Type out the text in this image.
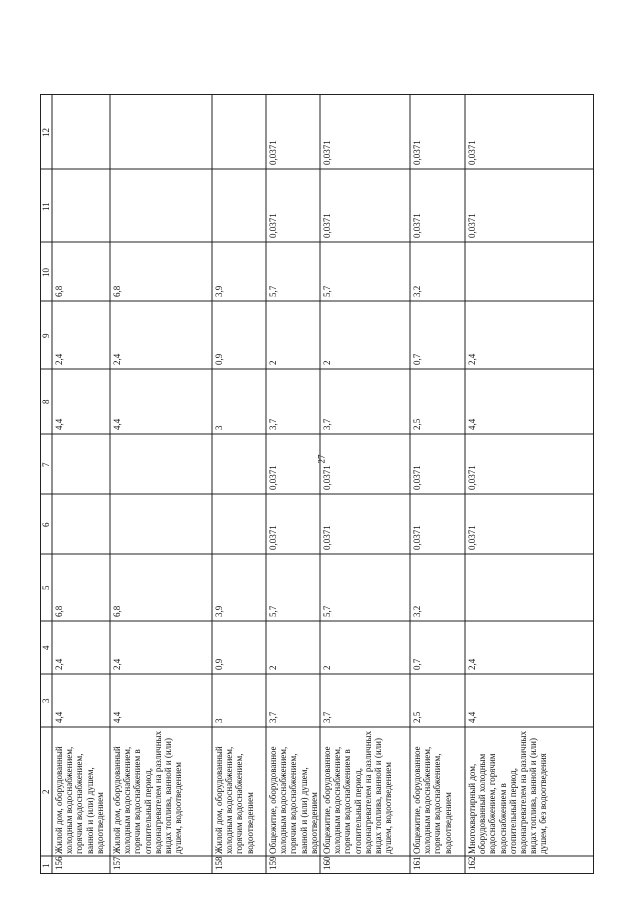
27
1
2
3
4
5
6
7
8
9
10
11
12
156
Жилой дом, оборудованный холодным водоснабжением, горячим водоснабжением, ванной и (или) душем, водоотведением
4,4
2,4
6,8
4,4
2,4
6,8
157
Жилой дом, оборудованный холодным водоснабжением, горячим водоснабжением в отопительный период, водонагревателем на различных видах топлива, ванной и (или) душем, водоотведением
4,4
2,4
6,8
4,4
2,4
6,8
158
Жилой дом, оборудованный холодным водоснабжением, горячим водоснабжением, водоотведением
3
0,9
3,9
3
0,9
3,9
159
Общежитие, оборудованное холодным водоснабжением, горячим водоснабжением, ванной и (или) душем, водоотведением
3,7
2
5,7
0,0371
0,0371
3,7
2
5,7
0,0371
0,0371
160
Общежитие, оборудованное холодным водоснабжением, горячим водоснабжением в отопительный период, водонагревателем на различных видах топлива, ванной и (или) душем, водоотведением
3,7
2
5,7
0,0371
0,0371
3,7
2
5,7
0,0371
0,0371
161
Общежитие, оборудованное холодным водоснабжением, горячим водоснабжением, водоотведением
2,5
0,7
3,2
0,0371
0,0371
2,5
0,7
3,2
0,0371
0,0371
162
Многоквартирный дом, оборудованный холодным водоснабжением, горячим водоснабжением в отопительный период, водонагревателем на различных видах топлива, ванной и (или) душем, без водоотведения
4,4
2,4
0,0371
0,0371
4,4
2,4
0,0371
0,0371
